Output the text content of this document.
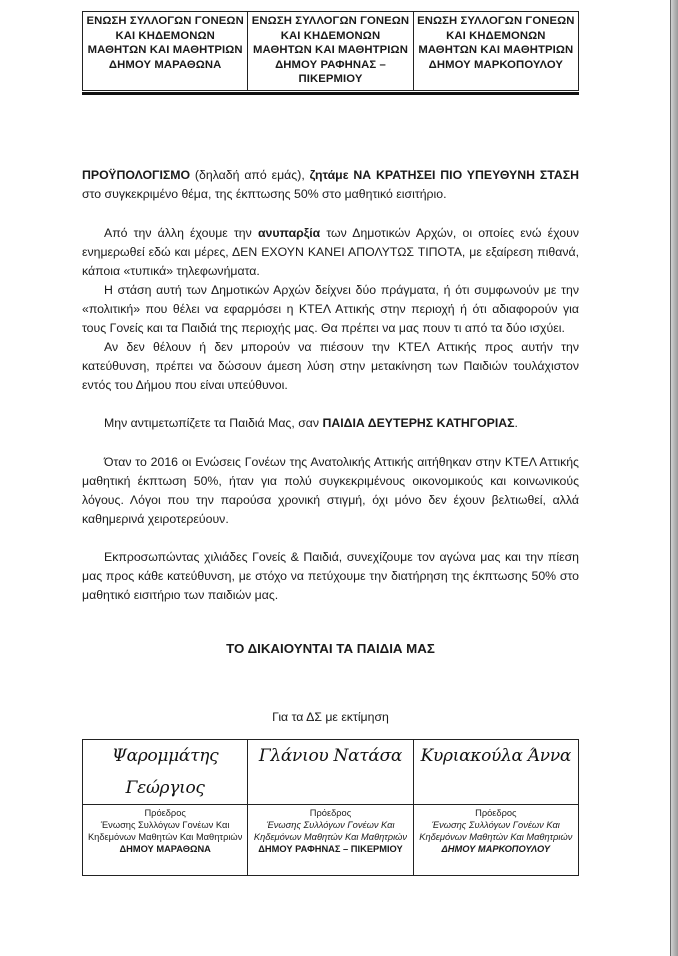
ΕΝΩΣΗ ΣΥΛΛΟΓΩΝ ΓΟΝΕΩΝ ΚΑΙ ΚΗΔΕΜΟΝΩΝ ΜΑΘΗΤΩΝ ΚΑΙ ΜΑΘΗΤΡΙΩΝ ΔΗΜΟΥ ΜΑΡΑΘΩΝΑ	ΕΝΩΣΗ ΣΥΛΛΟΓΩΝ ΓΟΝΕΩΝ ΚΑΙ ΚΗΔΕΜΟΝΩΝ ΜΑΘΗΤΩΝ ΚΑΙ ΜΑΘΗΤΡΙΩΝ ΔΗΜΟΥ ΡΑΦΗΝΑΣ – ΠΙΚΕΡΜΙΟΥ	ΕΝΩΣΗ ΣΥΛΛΟΓΩΝ ΓΟΝΕΩΝ ΚΑΙ ΚΗΔΕΜΟΝΩΝ ΜΑΘΗΤΩΝ ΚΑΙ ΜΑΘΗΤΡΙΩΝ ΔΗΜΟΥ ΜΑΡΚΟΠΟΥΛΟΥ

ΠΡΟΫΠΟΛΟΓΙΣΜΟ (δηλαδή από εμάς), ζητάμε ΝΑ ΚΡΑΤΗΣΕΙ ΠΙΟ ΥΠΕΥΘΥΝΗ ΣΤΑΣΗ στο συγκεκριμένο θέμα, της έκπτωσης 50% στο μαθητικό εισιτήριο.

Από την άλλη έχουμε την ανυπαρξία των Δημοτικών Αρχών, οι οποίες ενώ έχουν ενημερωθεί εδώ και μέρες, ΔΕΝ ΕΧΟΥΝ ΚΑΝΕΙ ΑΠΟΛΥΤΩΣ ΤΙΠΟΤΑ, με εξαίρεση πιθανά, κάποια «τυπικά» τηλεφωνήματα.

Η στάση αυτή των Δημοτικών Αρχών δείχνει δύο πράγματα, ή ότι συμφωνούν με την «πολιτική» που θέλει να εφαρμόσει η ΚΤΕΛ Αττικής στην περιοχή ή ότι αδιαφορούν για τους Γονείς και τα Παιδιά της περιοχής μας. Θα πρέπει να μας πουν τι από τα δύο ισχύει.

Αν δεν θέλουν ή δεν μπορούν να πιέσουν την ΚΤΕΛ Αττικής προς αυτήν την κατεύθυνση, πρέπει να δώσουν άμεση λύση στην μετακίνηση των Παιδιών τουλάχιστον εντός του Δήμου που είναι υπεύθυνοι.

Μην αντιμετωπίζετε τα Παιδιά Μας, σαν ΠΑΙΔΙΑ ΔΕΥΤΕΡΗΣ ΚΑΤΗΓΟΡΙΑΣ.

Όταν το 2016 οι Ενώσεις Γονέων της Ανατολικής Αττικής αιτήθηκαν στην ΚΤΕΛ Αττικής μαθητική έκπτωση 50%, ήταν για πολύ συγκεκριμένους οικονομικούς και κοινωνικούς λόγους. Λόγοι που την παρούσα χρονική στιγμή, όχι μόνο δεν έχουν βελτιωθεί, αλλά καθημερινά χειροτερεύουν.

Εκπροσωπώντας χιλιάδες Γονείς & Παιδιά, συνεχίζουμε τον αγώνα μας και την πίεση μας προς κάθε κατεύθυνση, με στόχο να πετύχουμε την διατήρηση της έκπτωσης 50% στο μαθητικό εισιτήριο των παιδιών μας.

ΤΟ ΔΙΚΑΙΟΥΝΤΑΙ ΤΑ ΠΑΙΔΙΑ ΜΑΣ
Για τα ΔΣ με εκτίμηση
Ψαρομμάτης Γεώργιος	Γλάνιου Νατάσα	Κυριακούλα Άννα

Πρόεδρος
Ένωσης Συλλόγων Γονέων Και Κηδεμόνων Μαθητών Και Μαθητριών
ΔΗΜΟΥ ΜΑΡΑΘΩΝΑ	Πρόεδρος
Ένωσης Συλλόγων Γονέων Και Κηδεμόνων Μαθητών Και Μαθητριών
ΔΗΜΟΥ ΡΑΦΗΝΑΣ – ΠΙΚΕΡΜΙΟΥ	Πρόεδρος
Ένωσης Συλλόγων Γονέων Και Κηδεμόνων Μαθητών Και Μαθητριών
ΔΗΜΟΥ ΜΑΡΚΟΠΟΥΛΟΥ
